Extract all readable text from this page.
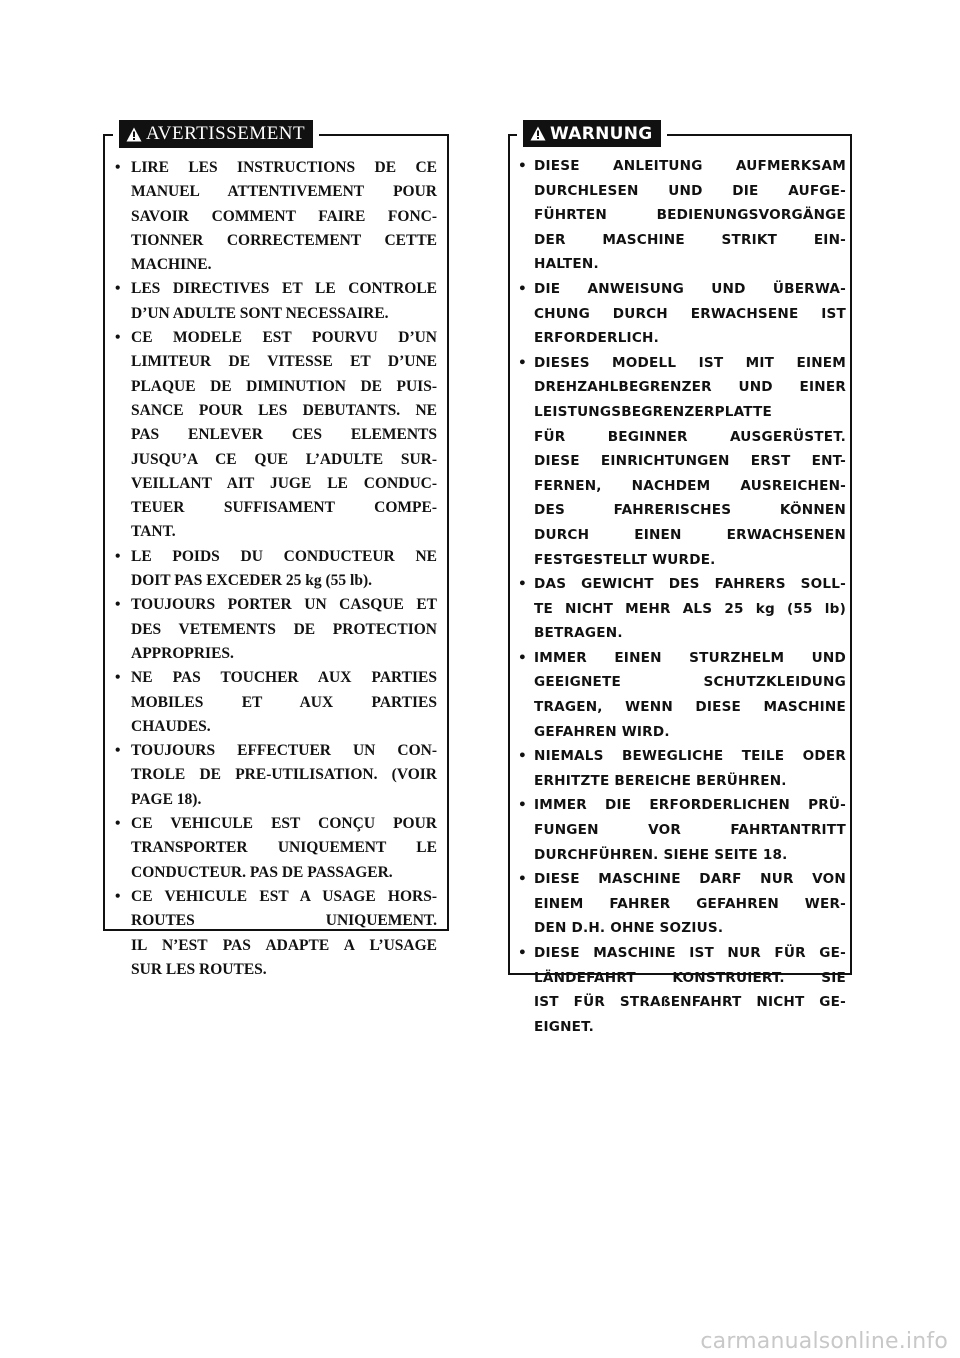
AVERTISSEMENT
• LIRE LES INSTRUCTIONS DE CE
MANUEL ATTENTIVEMENT POUR
SAVOIR COMMENT FAIRE FONC-
TIONNER CORRECTEMENT CETTE
MACHINE.
• LES DIRECTIVES ET LE CONTROLE
D’UN ADULTE SONT NECESSAIRE.
• CE MODELE EST POURVU D’UN
LIMITEUR DE VITESSE ET D’UNE
PLAQUE DE DIMINUTION DE PUIS-
SANCE POUR LES DEBUTANTS. NE
PAS ENLEVER CES ELEMENTS
JUSQU’A CE QUE L’ADULTE SUR-
VEILLANT AIT JUGE LE CONDUC-
TEUER SUFFISAMENT COMPE-
TANT.
• LE POIDS DU CONDUCTEUR NE
DOIT PAS EXCEDER 25 kg (55 lb).
• TOUJOURS PORTER UN CASQUE ET
DES VETEMENTS DE PROTECTION
APPROPRIES.
• NE PAS TOUCHER AUX PARTIES
MOBILES ET AUX PARTIES
CHAUDES.
• TOUJOURS EFFECTUER UN CON-
TROLE DE PRE-UTILISATION. (VOIR
PAGE 18).
• CE VEHICULE EST CONÇU POUR
TRANSPORTER UNIQUEMENT LE
CONDUCTEUR. PAS DE PASSAGER.
• CE VEHICULE EST A USAGE HORS-
ROUTES UNIQUEMENT.
IL N’EST PAS ADAPTE A L’USAGE
SUR LES ROUTES.
WARNUNG
• DIESE ANLEITUNG AUFMERKSAM
DURCHLESEN UND DIE AUFGE-
FÜHRTEN BEDIENUNGSVORGÄNGE
DER MASCHINE STRIKT EIN-
HALTEN.
• DIE ANWEISUNG UND ÜBERWA-
CHUNG DURCH ERWACHSENE IST
ERFORDERLICH.
• DIESES MODELL IST MIT EINEM
DREHZAHLBEGRENZER UND EINER
LEISTUNGSBEGRENZERPLATTE
FÜR BEGINNER AUSGERÜSTET.
DIESE EINRICHTUNGEN ERST ENT-
FERNEN, NACHDEM AUSREICHEN-
DES FAHRERISCHES KÖNNEN
DURCH EINEN ERWACHSENEN
FESTGESTELLT WURDE.
• DAS GEWICHT DES FAHRERS SOLL-
TE NICHT MEHR ALS 25 kg (55 lb)
BETRAGEN.
• IMMER EINEN STURZHELM UND
GEEIGNETE SCHUTZKLEIDUNG
TRAGEN, WENN DIESE MASCHINE
GEFAHREN WIRD.
• NIEMALS BEWEGLICHE TEILE ODER
ERHITZTE BEREICHE BERÜHREN.
• IMMER DIE ERFORDERLICHEN PRÜ-
FUNGEN VOR FAHRTANTRITT
DURCHFÜHREN. SIEHE SEITE 18.
• DIESE MASCHINE DARF NUR VON
EINEM FAHRER GEFAHREN WER-
DEN D.H. OHNE SOZIUS.
• DIESE MASCHINE IST NUR FÜR GE-
LÄNDEFAHRT KONSTRUIERT. SIE
IST FÜR STRAßENFAHRT NICHT GE-
EIGNET.
carmanualsonline.info
